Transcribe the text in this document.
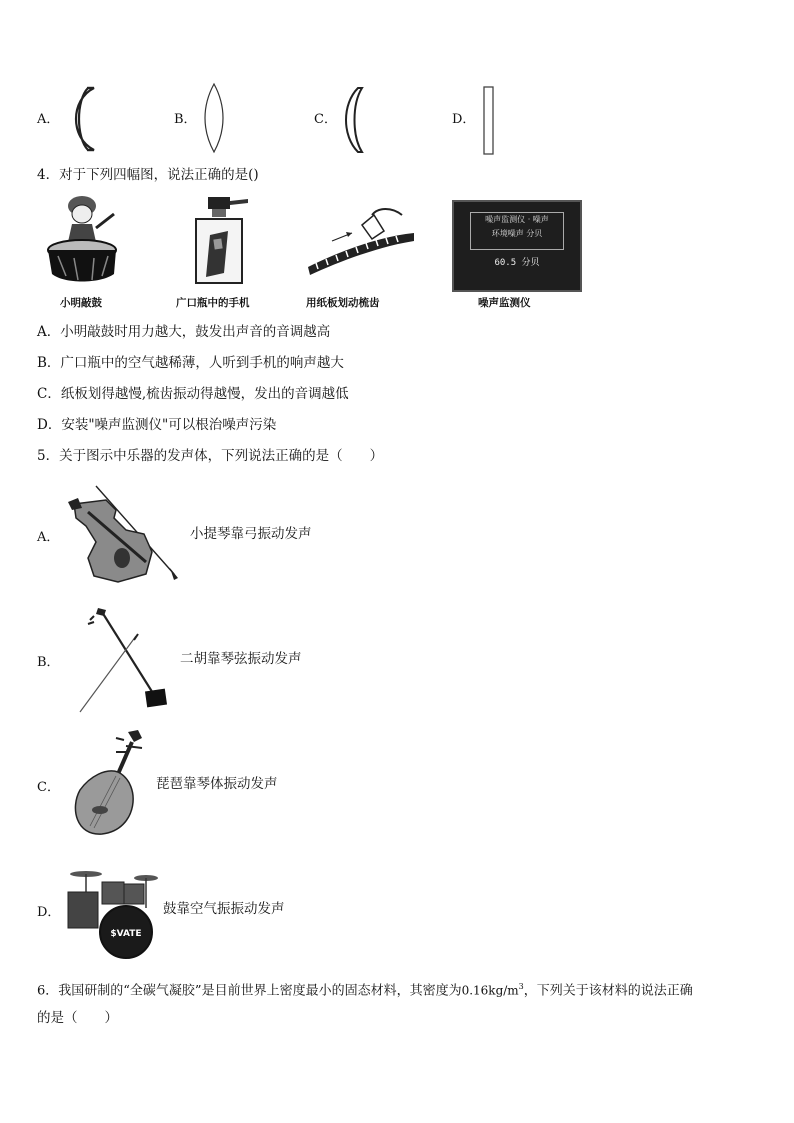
A．	B．	C．	D．
4．对于下列四幅图，说法正确的是()
小明敲鼓	广口瓶中的手机	用纸板划动梳齿
噪声监测仪 · 噪声
环境噪声 分贝
60.5 分贝
噪声监测仪
A．小明敲鼓时用力越大，鼓发出声音的音调越高
B．广口瓶中的空气越稀薄，人听到手机的响声越大
C．纸板划得越慢,梳齿振动得越慢，发出的音调越低
D．安装"噪声监测仪"可以根治噪声污染
5．关于图示中乐器的发声体，下列说法正确的是（　　）
A．	小提琴靠弓振动发声
B．	二胡靠琴弦振动发声
C．	琵琶靠琴体振动发声
D．
$VATE
鼓靠空气振振动发声
6．我国研制的“全碳气凝胶”是目前世界上密度最小的固态材料，其密度为$0.16kg/m^3$，下列关于该材料的说法正确
的是（　　）
